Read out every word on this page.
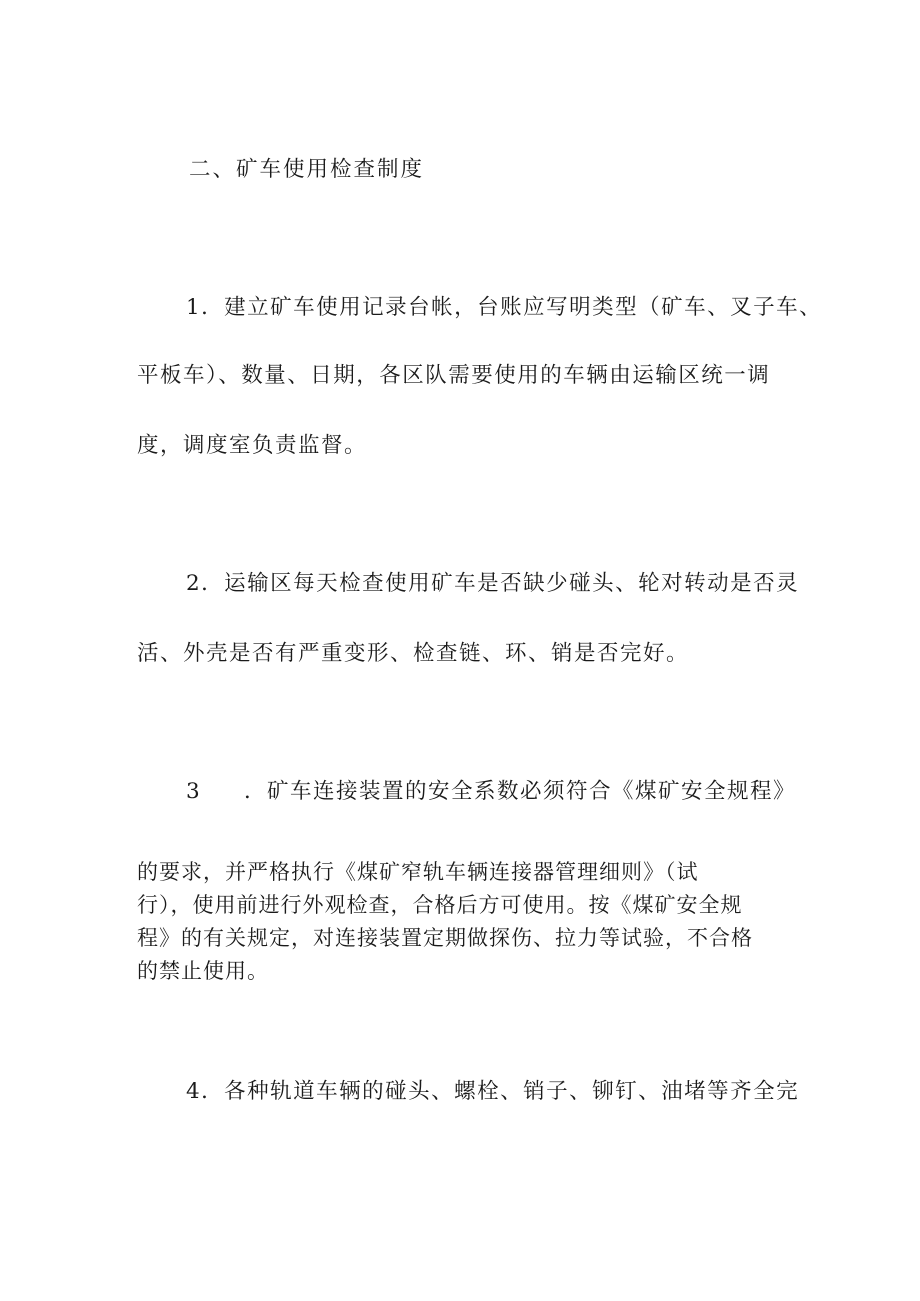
二、矿车使用检查制度
1．建立矿车使用记录台帐，台账应写明类型（矿车、叉子车、
平板车）、数量、日期，各区队需要使用的车辆由运输区统一调
度，调度室负责监督。
2．运输区每天检查使用矿车是否缺少碰头、轮对转动是否灵
活、外壳是否有严重变形、检查链、环、销是否完好。
3 ．矿车连接装置的安全系数必须符合《煤矿安全规程》
的要求，并严格执行《煤矿窄轨车辆连接器管理细则》（试
行），使用前进行外观检查，合格后方可使用。按《煤矿安全规
程》的有关规定，对连接装置定期做探伤、拉力等试验，不合格
的禁止使用。
4．各种轨道车辆的碰头、螺栓、销子、铆钉、油堵等齐全完
